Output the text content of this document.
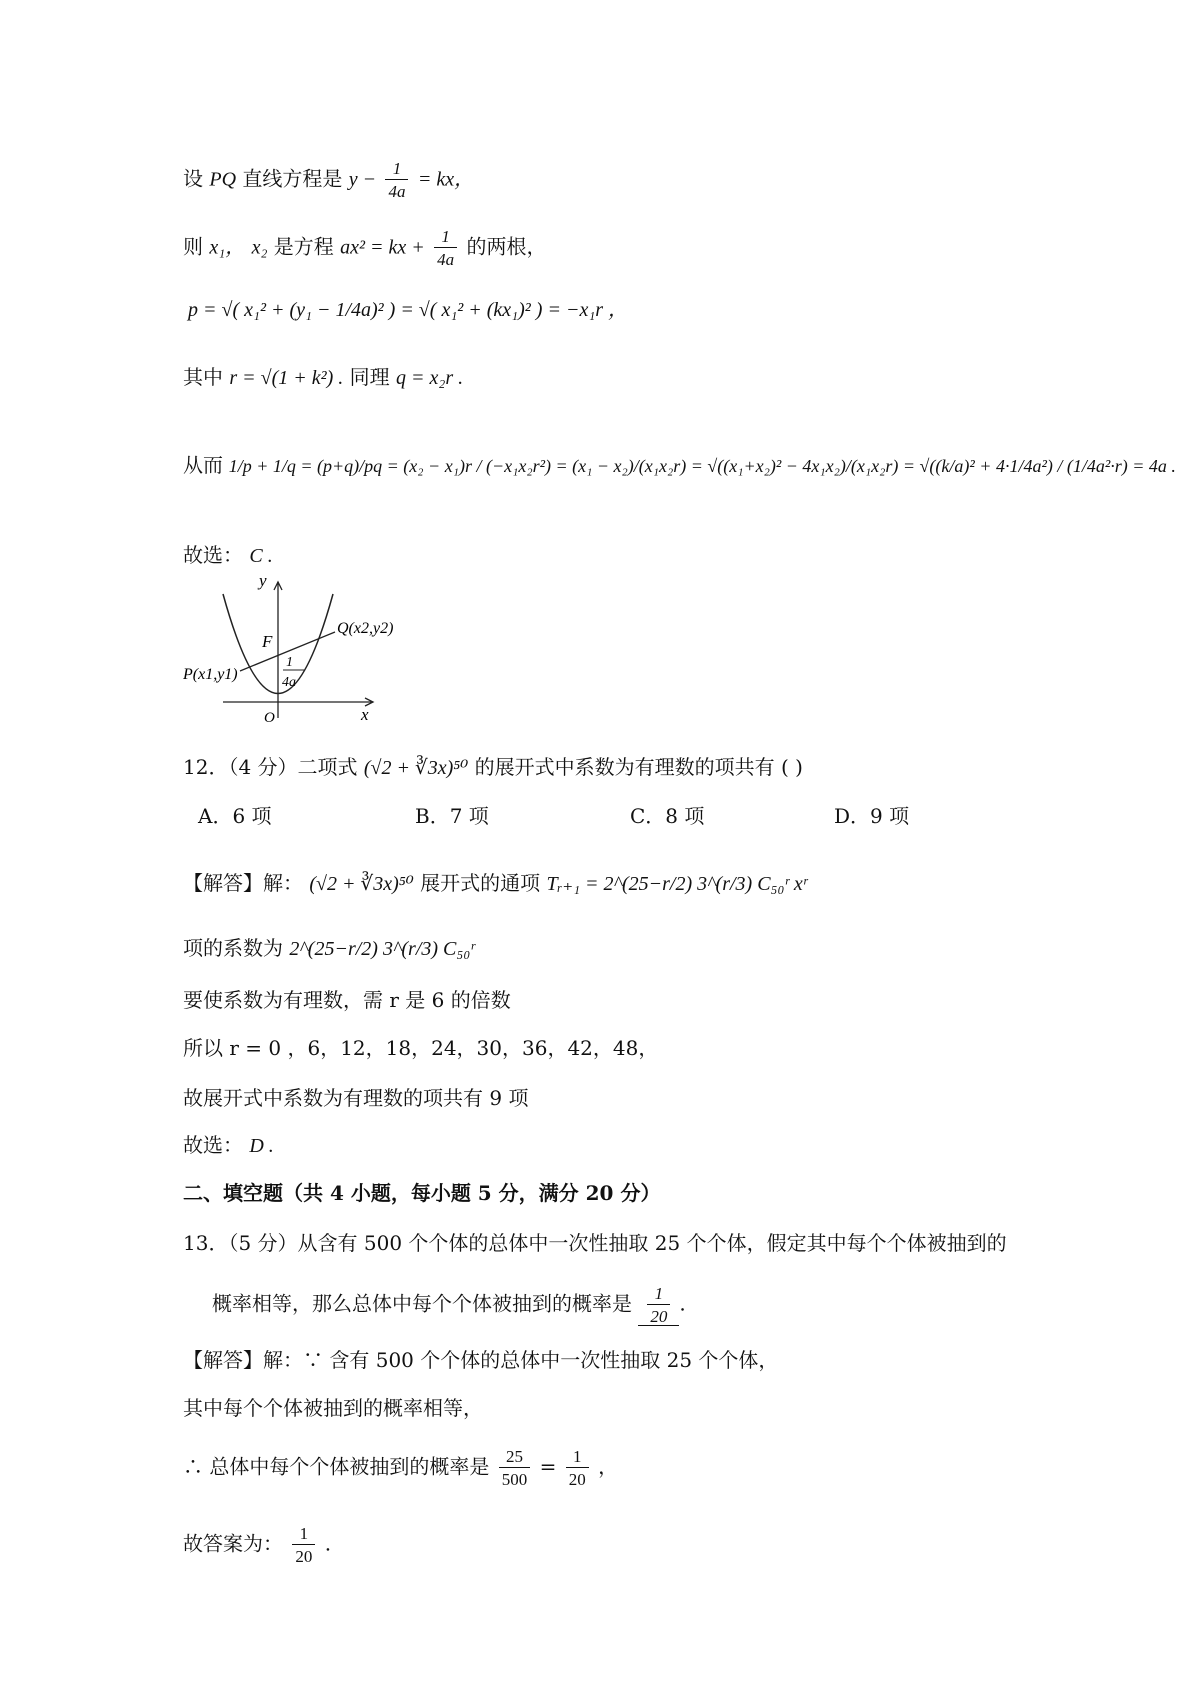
设 PQ 直线方程是 $y - \frac{1}{4a}$ = kx，
则 x₁， x₂ 是方程 ax² = kx + $\frac{1}{4a}$ 的两根，
p = √( x₁² + (y₁ − 1/4a)² ) = √( x₁² + (kx₁)² ) = −x₁r ，
其中 r = √(1 + k²) . 同理 q = x₂r .
从而 1/p + 1/q = (p+q)/pq = (x₂ − x₁)r / (−x₁x₂r²) = (x₁ − x₂)/(x₁x₂r) = √((x₁+x₂)² − 4x₁x₂)/(x₁x₂r) = √((k/a)² + 4·1/4a²) / (1/4a²·r) = 4a .
故选： C .
y
x
O
F
P(x1,y1)
Q(x2,y2)
1
4a
12．（4 分）二项式 (√2 + ∛3x)⁵⁰ 的展开式中系数为有理数的项共有 ( )
A．6 项	B．7 项	C．8 项	D．9 项
【解答】解： (√2 + ∛3x)⁵⁰ 展开式的通项 Tᵣ₊₁ = 2^(25−r/2) 3^(r/3) C₅₀ʳ xʳ
项的系数为 2^(25−r/2) 3^(r/3) C₅₀ʳ
要使系数为有理数，需 r 是 6 的倍数
所以 r = 0 ，6，12，18，24，30，36，42，48，
故展开式中系数为有理数的项共有 9 项
故选： D .
二、填空题（共 4 小题，每小题 5 分，满分 20 分）
13．（5 分）从含有 500 个个体的总体中一次性抽取 25 个个体，假定其中每个个体被抽到的
概率相等，那么总体中每个个体被抽到的概率是 $\frac{1}{20}$ .
【解答】解：∵ 含有 500 个个体的总体中一次性抽取 25 个个体，
其中每个个体被抽到的概率相等，
∴ 总体中每个个体被抽到的概率是 $\frac{25}{500} = \frac{1}{20}$ ，
故答案为： $\frac{1}{20}$ .
